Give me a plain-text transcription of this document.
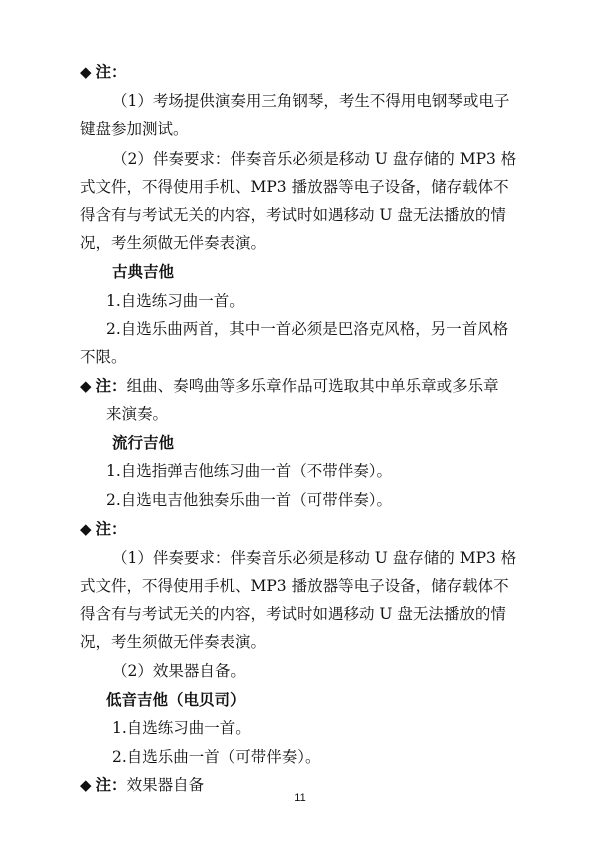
◆ 注：
（1）考场提供演奏用三角钢琴，考生不得用电钢琴或电子
键盘参加测试。
（2）伴奏要求：伴奏音乐必须是移动 U 盘存储的 MP3 格
式文件，不得使用手机、MP3 播放器等电子设备，储存载体不
得含有与考试无关的内容，考试时如遇移动 U 盘无法播放的情
况，考生须做无伴奏表演。
古典吉他
1.自选练习曲一首。
2.自选乐曲两首，其中一首必须是巴洛克风格，另一首风格
不限。
◆ 注：组曲、奏鸣曲等多乐章作品可选取其中单乐章或多乐章
来演奏。
流行吉他
1.自选指弹吉他练习曲一首（不带伴奏）。
2.自选电吉他独奏乐曲一首（可带伴奏）。
◆ 注：
（1）伴奏要求：伴奏音乐必须是移动 U 盘存储的 MP3 格
式文件，不得使用手机、MP3 播放器等电子设备，储存载体不
得含有与考试无关的内容，考试时如遇移动 U 盘无法播放的情
况，考生须做无伴奏表演。
（2）效果器自备。
低音吉他（电贝司）
1.自选练习曲一首。
2.自选乐曲一首（可带伴奏）。
◆ 注：效果器自备
11
